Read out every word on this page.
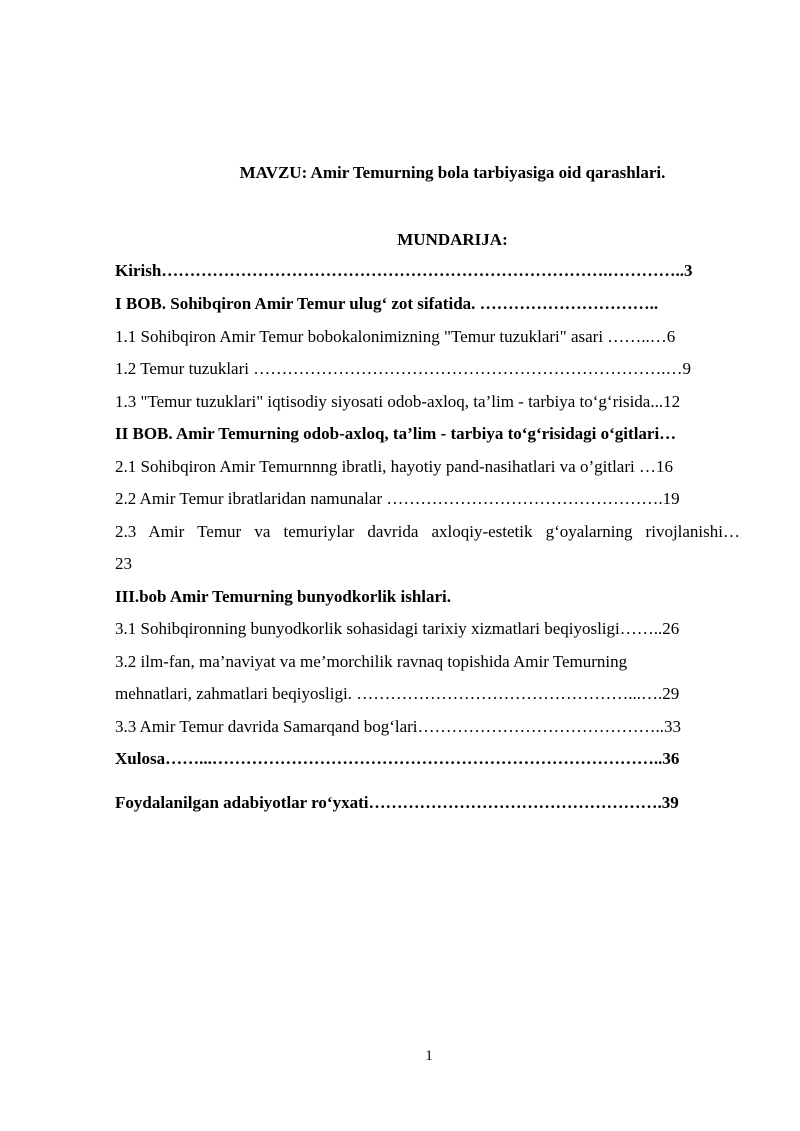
MAVZU: Amir Temurning bola tarbiyasiga oid qarashlari.
MUNDARIJA:
Kirish…………………………………………………………………….…………..3
I BOB. Sohibqiron Amir Temur ulug‘ zot sifatida. …………………………..
1.1 Sohibqiron Amir Temur bobokalonimizning "Temur tuzuklari" asari ……..…6
1.2 Temur tuzuklari ……………………………………………………………….…9
1.3 "Temur tuzuklari" iqtisodiy siyosati odob-axloq, ta’lim - tarbiya to‘g‘risida...12
II BOB. Amir Temurning odob-axloq, ta’lim - tarbiya to‘g‘risidagi o‘gitlari…
2.1 Sohibqiron Amir Temurnnng ibratli, hayotiy pand-nasihatlari va o’gitlari …16
2.2 Amir Temur ibratlaridan namunalar ………………………………………….19
2.3 Amir Temur va temuriylar davrida axloqiy-estetik g‘oyalarning rivojlanishi…
23
III.bob Amir Temurning bunyodkorlik ishlari.
3.1 Sohibqironning bunyodkorlik sohasidagi tarixiy xizmatlari beqiyosligi……..26
3.2 ilm-fan, ma’naviyat va me’morchilik ravnaq topishida Amir Temurning
mehnatlari, zahmatlari beqiyosligi. …………………………………………...….29
3.3 Amir Temur davrida Samarqand bog‘lari……………………………………..33
Xulosa……...……………………………………………………………………..36
Foydalanilgan adabiyotlar ro‘yxati…………………………………………….39
1
